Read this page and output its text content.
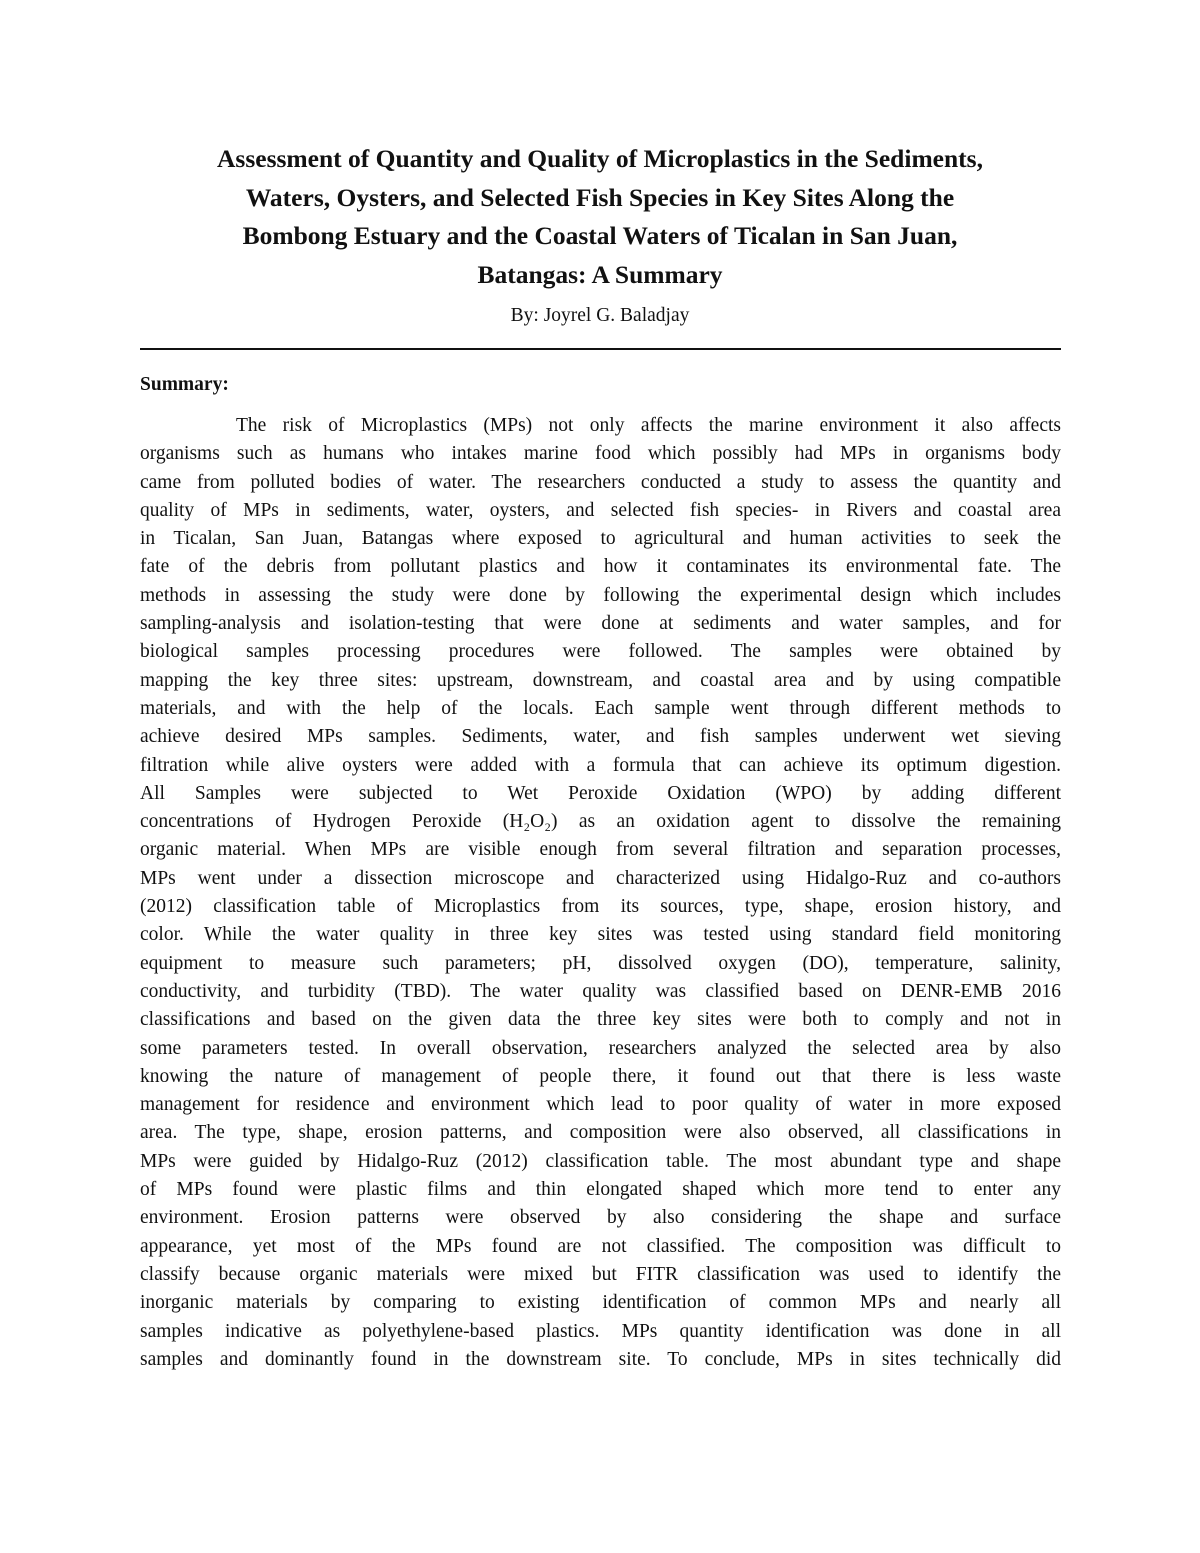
Assessment of Quantity and Quality of Microplastics in the Sediments,
Waters, Oysters, and Selected Fish Species in Key Sites Along the
Bombong Estuary and the Coastal Waters of Ticalan in San Juan,
Batangas: A Summary
By: Joyrel G. Baladjay
Summary:
The risk of Microplastics (MPs) not only affects the marine environment it also affects
organisms such as humans who intakes marine food which possibly had MPs in organisms body
came from polluted bodies of water. The researchers conducted a study to assess the quantity and
quality of MPs in sediments, water, oysters, and selected fish species- in Rivers and coastal area
in Ticalan, San Juan, Batangas where exposed to agricultural and human activities to seek the
fate of the debris from pollutant plastics and how it contaminates its environmental fate. The
methods in assessing the study were done by following the experimental design which includes
sampling-analysis and isolation-testing that were done at sediments and water samples, and for
biological samples processing procedures were followed. The samples were obtained by
mapping the key three sites: upstream, downstream, and coastal area and by using compatible
materials, and with the help of the locals. Each sample went through different methods to
achieve desired MPs samples. Sediments, water, and fish samples underwent wet sieving
filtration while alive oysters were added with a formula that can achieve its optimum digestion.
All Samples were subjected to Wet Peroxide Oxidation (WPO) by adding different
concentrations of Hydrogen Peroxide (H₂O₂) as an oxidation agent to dissolve the remaining
organic material. When MPs are visible enough from several filtration and separation processes,
MPs went under a dissection microscope and characterized using Hidalgo-Ruz and co-authors
(2012) classification table of Microplastics from its sources, type, shape, erosion history, and
color. While the water quality in three key sites was tested using standard field monitoring
equipment to measure such parameters; pH, dissolved oxygen (DO), temperature, salinity,
conductivity, and turbidity (TBD). The water quality was classified based on DENR-EMB 2016
classifications and based on the given data the three key sites were both to comply and not in
some parameters tested. In overall observation, researchers analyzed the selected area by also
knowing the nature of management of people there, it found out that there is less waste
management for residence and environment which lead to poor quality of water in more exposed
area. The type, shape, erosion patterns, and composition were also observed, all classifications in
MPs were guided by Hidalgo-Ruz (2012) classification table. The most abundant type and shape
of MPs found were plastic films and thin elongated shaped which more tend to enter any
environment. Erosion patterns were observed by also considering the shape and surface
appearance, yet most of the MPs found are not classified. The composition was difficult to
classify because organic materials were mixed but FITR classification was used to identify the
inorganic materials by comparing to existing identification of common MPs and nearly all
samples indicative as polyethylene-based plastics. MPs quantity identification was done in all
samples and dominantly found in the downstream site. To conclude, MPs in sites technically did
